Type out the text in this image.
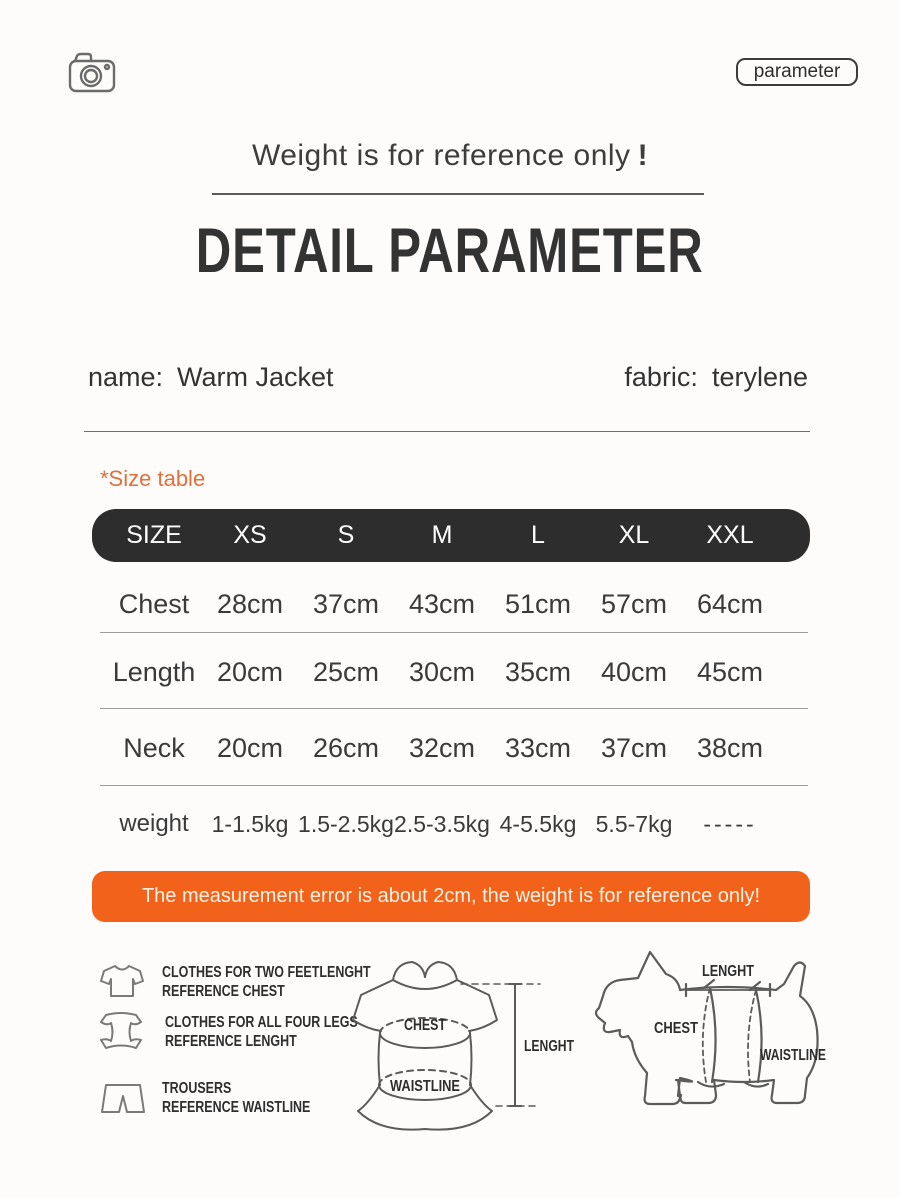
parameter
Weight is for reference only !
DETAIL PARAMETER
name: Warm Jacket	fabric: terylene
*Size table
SIZE	XS	S	M	L	XL	XXL
Chest	28cm	37cm	43cm	51cm	57cm	64cm
Length 20cm	25cm	30cm	35cm	40cm	45cm
Neck	20cm	26cm	32cm	33cm	37cm	38cm
weight 1-1.5kg 1.5-2.5kg 2.5-3.5kg 4-5.5kg 5.5-7kg	-----
The measurement error is about 2cm, the weight is for reference only!
CLOTHES FOR TWO FEETLENGHT
REFERENCE CHEST
CLOTHES FOR ALL FOUR LEGS
REFERENCE LENGHT
TROUSERS
REFERENCE WAISTLINE
CHEST
WAISTLINE
LENGHT
LENGHT
CHEST
WAISTLINE
